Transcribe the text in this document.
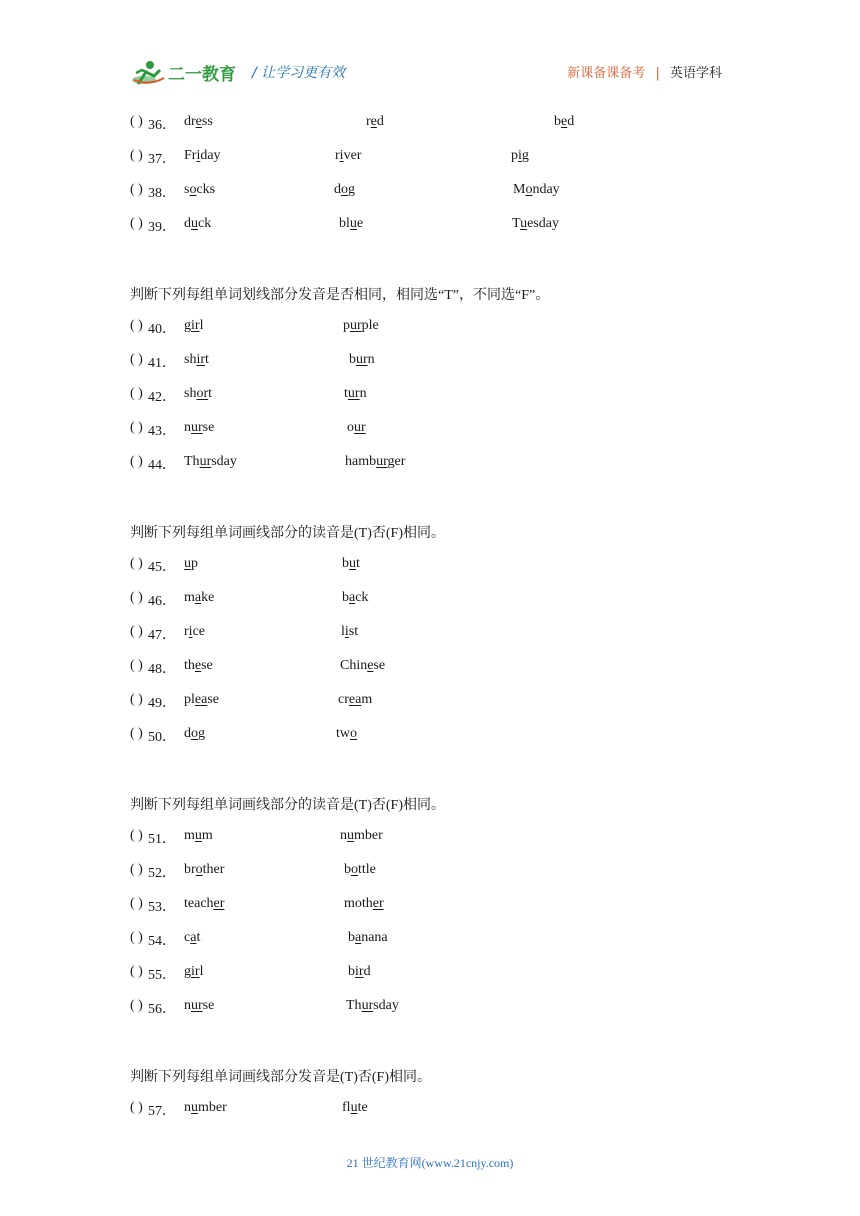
二一教育 / 让学习更有效	新课备课备考 | 英语学科
( ) 36． dress	red	bed
( ) 37． Friday	river	pig
( ) 38． socks	dog	Monday
( ) 39． duck	blue	Tuesday
判断下列每组单词划线部分发音是否相同，相同选“T”，不同选“F”。
( ) 40． girl	purple
( ) 41． shirt	burn
( ) 42． short	turn
( ) 43． nurse	our
( ) 44． Thursday	hamburger
判断下列每组单词画线部分的读音是(T)否(F)相同。
( ) 45． up	but
( ) 46． make	back
( ) 47． rice	list
( ) 48． these	Chinese
( ) 49． please	cream
( ) 50． dog	two
判断下列每组单词画线部分的读音是(T)否(F)相同。
( ) 51． mum	number
( ) 52． brother	bottle
( ) 53． teacher	mother
( ) 54． cat	banana
( ) 55． girl	bird
( ) 56． nurse	Thursday
判断下列每组单词画线部分发音是(T)否(F)相同。
( ) 57． number	flute
21 世纪教育网(www.21cnjy.com)
